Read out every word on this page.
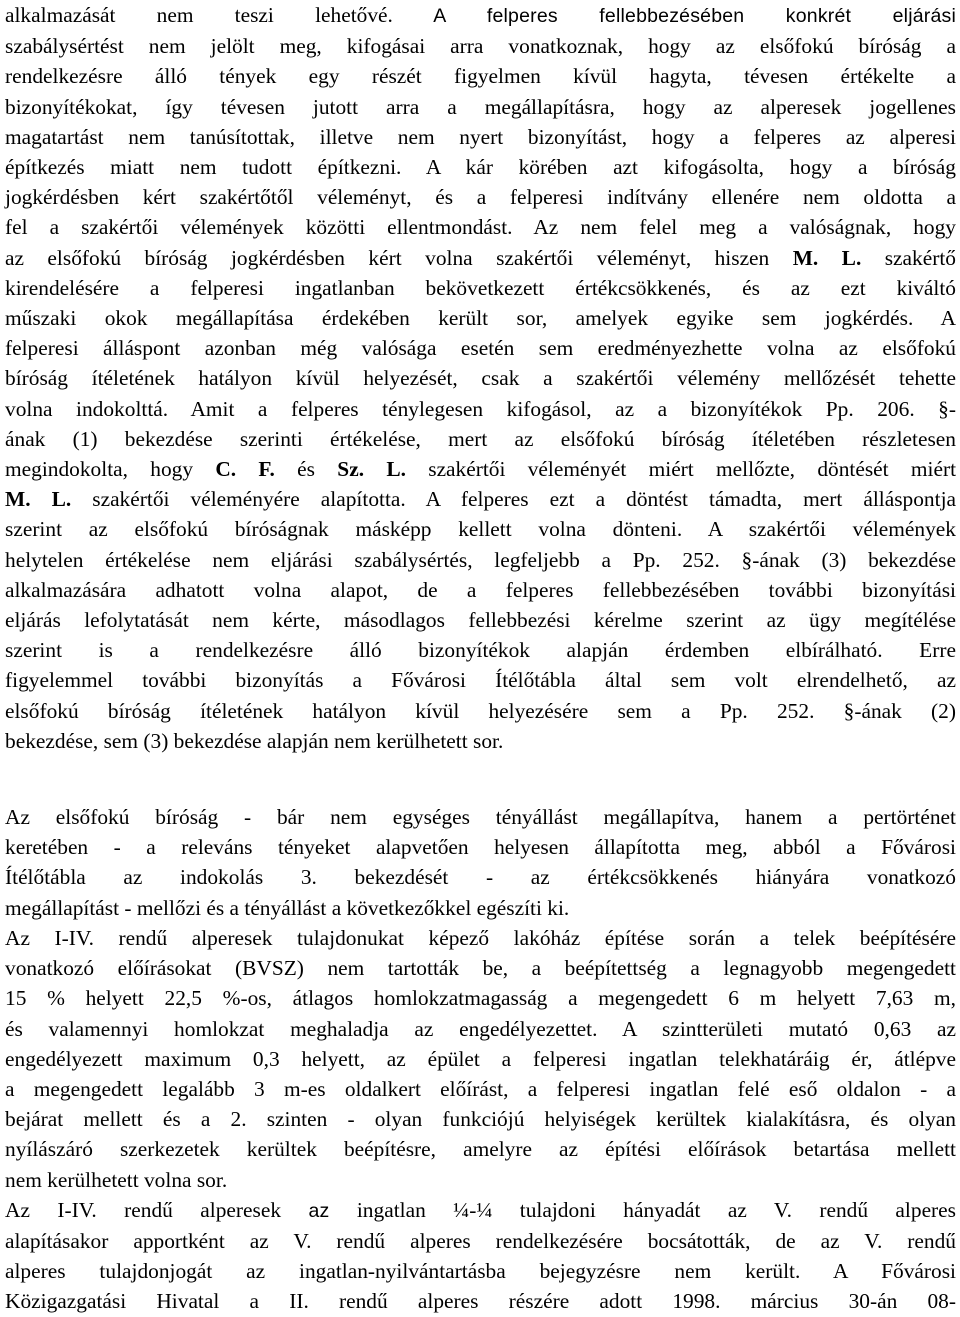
alkalmazását nem teszi lehetővé. A felperes fellebbezésében konkrét eljárási

szabálysértést nem jelölt meg, kifogásai arra vonatkoznak, hogy az elsőfokú bíróság a

rendelkezésre álló tények egy részét figyelmen kívül hagyta, tévesen értékelte a

bizonyítékokat, így tévesen jutott arra a megállapításra, hogy az alperesek jogellenes

magatartást nem tanúsítottak, illetve nem nyert bizonyítást, hogy a felperes az alperesi

építkezés miatt nem tudott építkezni. A kár körében azt kifogásolta, hogy a bíróság

jogkérdésben kért szakértőtől véleményt, és a felperesi indítvány ellenére nem oldotta a

fel a szakértői vélemények közötti ellentmondást. Az nem felel meg a valóságnak, hogy

az elsőfokú bíróság jogkérdésben kért volna szakértői véleményt, hiszen M. L. szakértő

kirendelésére a felperesi ingatlanban bekövetkezett értékcsökkenés, és az ezt kiváltó

műszaki okok megállapítása érdekében került sor, amelyek egyike sem jogkérdés. A

felperesi álláspont azonban még valósága esetén sem eredményezhette volna az elsőfokú

bíróság ítéletének hatályon kívül helyezését, csak a szakértői vélemény mellőzését tehette

volna indokolttá. Amit a felperes ténylegesen kifogásol, az a bizonyítékok Pp. 206. §-

ának (1) bekezdése szerinti értékelése, mert az elsőfokú bíróság ítéletében részletesen

megindokolta, hogy C. F. és Sz. L. szakértői véleményét miért mellőzte, döntését miért

M. L. szakértői véleményére alapította. A felperes ezt a döntést támadta, mert álláspontja

szerint az elsőfokú bíróságnak másképp kellett volna dönteni. A szakértői vélemények

helytelen értékelése nem eljárási szabálysértés, legfeljebb a Pp. 252. §-ának (3) bekezdése

alkalmazására adhatott volna alapot, de a felperes fellebbezésében további bizonyítási

eljárás lefolytatását nem kérte, másodlagos fellebbezési kérelme szerint az ügy megítélése

szerint is a rendelkezésre álló bizonyítékok alapján érdemben elbírálható. Erre

figyelemmel további bizonyítás a Fővárosi Ítélőtábla által sem volt elrendelhető, az

elsőfokú bíróság ítéletének hatályon kívül helyezésére sem a Pp. 252. §-ának (2)

bekezdése, sem (3) bekezdése alapján nem kerülhetett sor.

Az elsőfokú bíróság - bár nem egységes tényállást megállapítva, hanem a pertörténet

keretében - a releváns tényeket alapvetően helyesen állapította meg, abból a Fővárosi

Ítélőtábla az indokolás 3. bekezdését - az értékcsökkenés hiányára vonatkozó

megállapítást - mellőzi és a tényállást a következőkkel egészíti ki.

Az I-IV. rendű alperesek tulajdonukat képező lakóház építése során a telek beépítésére

vonatkozó előírásokat (BVSZ) nem tartották be, a beépítettség a legnagyobb megengedett

15 % helyett 22,5 %-os, átlagos homlokzatmagasság a megengedett 6 m helyett 7,63 m,

és valamennyi homlokzat meghaladja az engedélyezettet. A szintterületi mutató 0,63 az

engedélyezett maximum 0,3 helyett, az épület a felperesi ingatlan telekhatáráig ér, átlépve

a megengedett legalább 3 m-es oldalkert előírást, a felperesi ingatlan felé eső oldalon - a

bejárat mellett és a 2. szinten - olyan funkciójú helyiségek kerültek kialakításra, és olyan

nyílászáró szerkezetek kerültek beépítésre, amelyre az építési előírások betartása mellett

nem kerülhetett volna sor.

Az I-IV. rendű alperesek az ingatlan ¼-¼ tulajdoni hányadát az V. rendű alperes

alapításakor apportként az V. rendű alperes rendelkezésére bocsátották, de az V. rendű

alperes tulajdonjogát az ingatlan-nyilvántartásba bejegyzésre nem került. A Fővárosi

Közigazgatási Hivatal a II. rendű alperes részére adott 1998. március 30-án 08-
